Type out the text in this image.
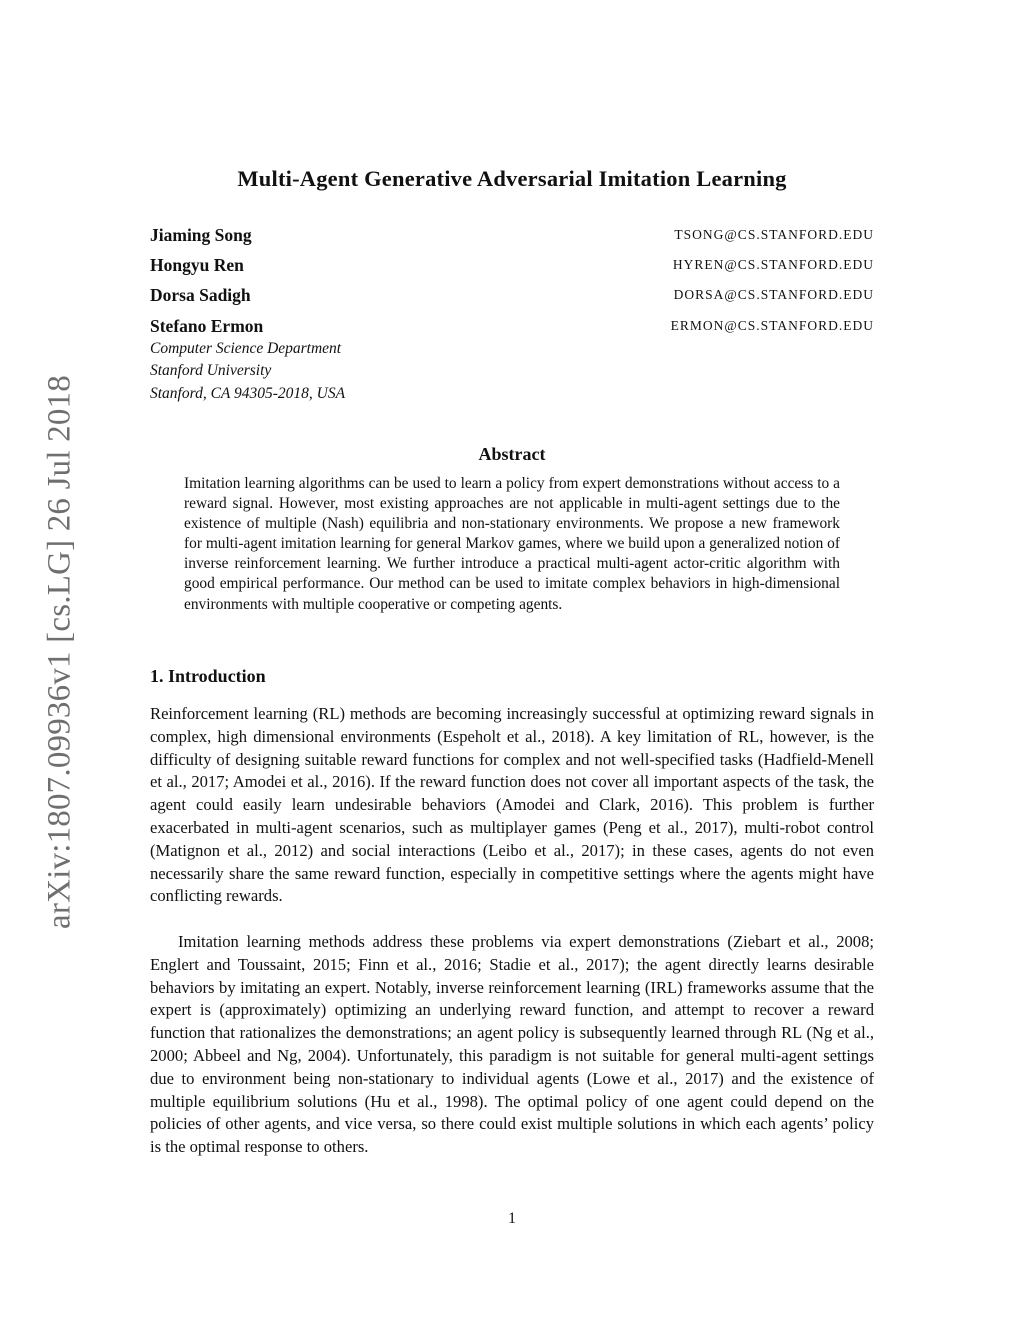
arXiv:1807.09936v1 [cs.LG] 26 Jul 2018
Multi-Agent Generative Adversarial Imitation Learning
Jiaming Song	TSONG@CS.STANFORD.EDU
Hongyu Ren	HYREN@CS.STANFORD.EDU
Dorsa Sadigh	DORSA@CS.STANFORD.EDU
Stefano Ermon	ERMON@CS.STANFORD.EDU
Computer Science Department
Stanford University
Stanford, CA 94305-2018, USA
Abstract
Imitation learning algorithms can be used to learn a policy from expert demonstrations without access to a reward signal. However, most existing approaches are not applicable in multi-agent settings due to the existence of multiple (Nash) equilibria and non-stationary environments. We propose a new framework for multi-agent imitation learning for general Markov games, where we build upon a generalized notion of inverse reinforcement learning. We further introduce a practical multi-agent actor-critic algorithm with good empirical performance. Our method can be used to imitate complex behaviors in high-dimensional environments with multiple cooperative or competing agents.
1. Introduction
Reinforcement learning (RL) methods are becoming increasingly successful at optimizing reward signals in complex, high dimensional environments (Espeholt et al., 2018). A key limitation of RL, however, is the difficulty of designing suitable reward functions for complex and not well-specified tasks (Hadfield-Menell et al., 2017; Amodei et al., 2016). If the reward function does not cover all important aspects of the task, the agent could easily learn undesirable behaviors (Amodei and Clark, 2016). This problem is further exacerbated in multi-agent scenarios, such as multiplayer games (Peng et al., 2017), multi-robot control (Matignon et al., 2012) and social interactions (Leibo et al., 2017); in these cases, agents do not even necessarily share the same reward function, especially in competitive settings where the agents might have conflicting rewards.
Imitation learning methods address these problems via expert demonstrations (Ziebart et al., 2008; Englert and Toussaint, 2015; Finn et al., 2016; Stadie et al., 2017); the agent directly learns desirable behaviors by imitating an expert. Notably, inverse reinforcement learning (IRL) frameworks assume that the expert is (approximately) optimizing an underlying reward function, and attempt to recover a reward function that rationalizes the demonstrations; an agent policy is subsequently learned through RL (Ng et al., 2000; Abbeel and Ng, 2004). Unfortunately, this paradigm is not suitable for general multi-agent settings due to environment being non-stationary to individual agents (Lowe et al., 2017) and the existence of multiple equilibrium solutions (Hu et al., 1998). The optimal policy of one agent could depend on the policies of other agents, and vice versa, so there could exist multiple solutions in which each agents’ policy is the optimal response to others.
1
